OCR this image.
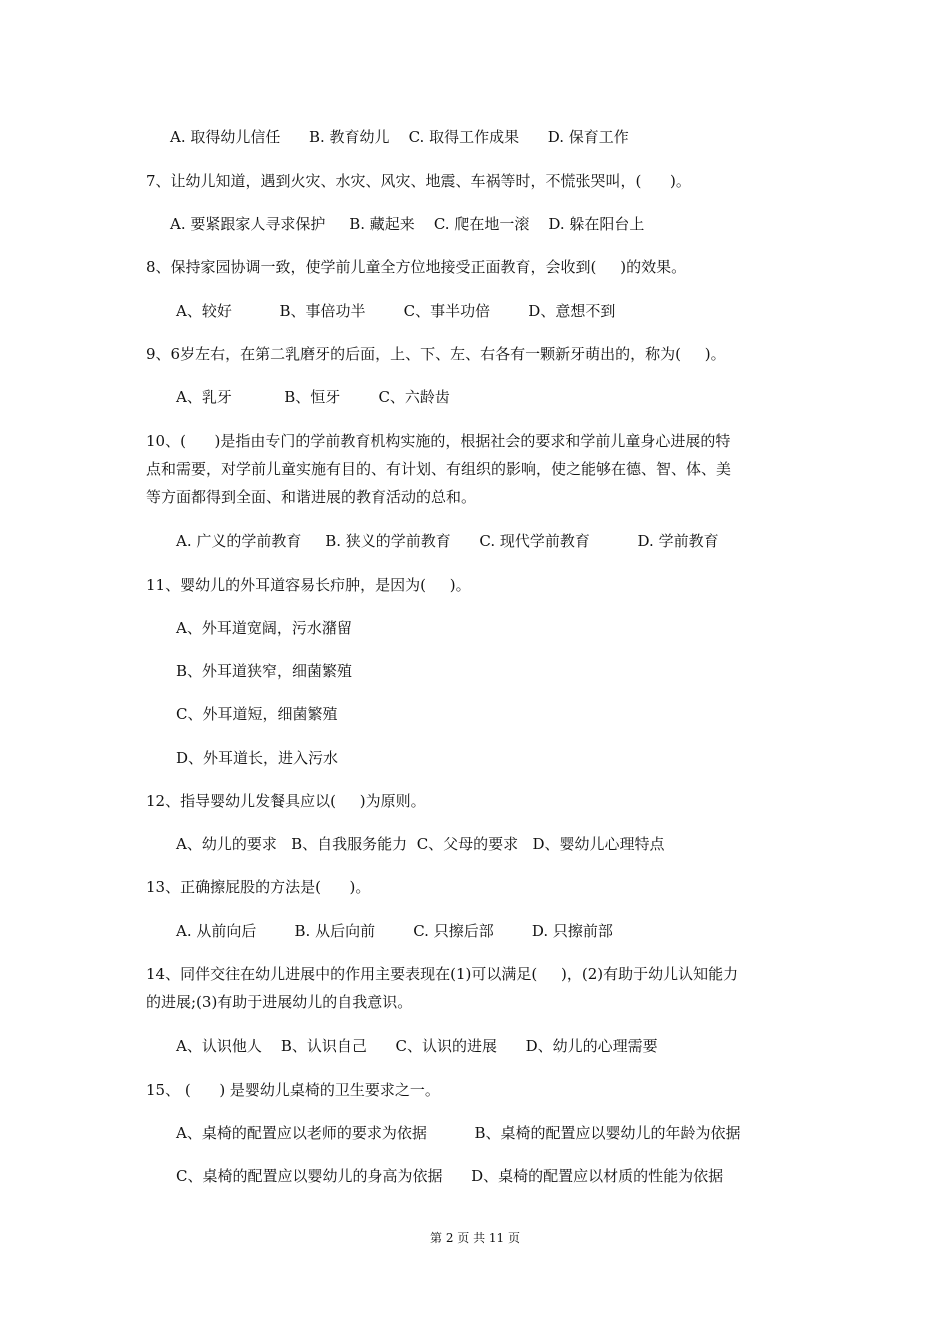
A. 取得幼儿信任      B. 教育幼儿    C. 取得工作成果      D. 保育工作
7、让幼儿知道，遇到火灾、水灾、风灾、地震、车祸等时，不慌张哭叫，(      )。
A. 要紧跟家人寻求保护     B. 藏起来    C. 爬在地一滚    D. 躲在阳台上
8、保持家园协调一致，使学前儿童全方位地接受正面教育，会收到(     )的效果。
A、较好          B、事倍功半        C、事半功倍        D、意想不到
9、6岁左右，在第二乳磨牙的后面，上、下、左、右各有一颗新牙萌出的，称为(     )。
A、乳牙           B、恒牙        C、六龄齿
10、(      )是指由专门的学前教育机构实施的，根据社会的要求和学前儿童身心进展的特
点和需要，对学前儿童实施有目的、有计划、有组织的影响，使之能够在德、智、体、美
等方面都得到全面、和谐进展的教育活动的总和。
A. 广义的学前教育     B. 狭义的学前教育      C. 现代学前教育          D. 学前教育
11、婴幼儿的外耳道容易长疖肿，是因为(     )。
A、外耳道宽阔，污水潴留
B、外耳道狭窄，细菌繁殖
C、外耳道短，细菌繁殖
D、外耳道长，进入污水
12、指导婴幼儿发餐具应以(     )为原则。
A、幼儿的要求   B、自我服务能力  C、父母的要求   D、婴幼儿心理特点
13、正确擦屁股的方法是(      )。
A. 从前向后        B. 从后向前        C. 只擦后部        D. 只擦前部
14、同伴交往在幼儿进展中的作用主要表现在(1)可以满足(     )，(2)有助于幼儿认知能力
的进展;(3)有助于进展幼儿的自我意识。
A、认识他人    B、认识自己      C、认识的进展      D、幼儿的心理需要
15、 (      ) 是婴幼儿桌椅的卫生要求之一。
A、桌椅的配置应以老师的要求为依据          B、桌椅的配置应以婴幼儿的年龄为依据
C、桌椅的配置应以婴幼儿的身高为依据      D、桌椅的配置应以材质的性能为依据
第 2 页 共 11 页
